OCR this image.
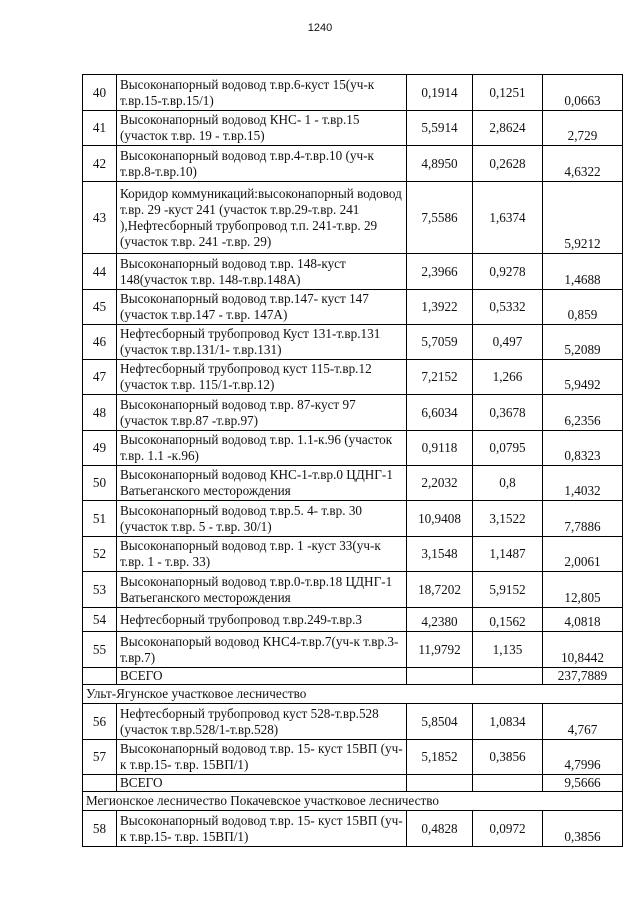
1240
40	Высоконапорный водовод т.вр.6-куст 15(уч-к т.вр.15-т.вр.15/1)	0,1914	0,1251	0,0663
41	Высоконапорный водовод КНС- 1 - т.вр.15 (участок т.вр. 19 - т.вр.15)	5,5914	2,8624	2,729
42	Высоконапорный водовод т.вр.4-т.вр.10 (уч-к т.вр.8-т.вр.10)	4,8950	0,2628	4,6322
43	Коридор коммуникаций:высоконапорный водовод т.вр. 29 -куст 241 (участок т.вр.29-т.вр. 241 ),Нефтесборный трубопровод т.п. 241-т.вр. 29 (участок т.вр. 241 -т.вр. 29)	7,5586	1,6374	5,9212
44	Высоконапорный водовод т.вр. 148-куст 148(участок т.вр. 148-т.вр.148А)	2,3966	0,9278	1,4688
45	Высоконапорный водовод т.вр.147- куст 147 (участок т.вр.147 - т.вр. 147А)	1,3922	0,5332	0,859
46	Нефтесборный трубопровод Куст 131-т.вр.131 (участок т.вр.131/1- т.вр.131)	5,7059	0,497	5,2089
47	Нефтесборный трубопровод куст 115-т.вр.12 (участок т.вр. 115/1-т.вр.12)	7,2152	1,266	5,9492
48	Высоконапорный водовод т.вр. 87-куст 97 (участок т.вр.87 -т.вр.97)	6,6034	0,3678	6,2356
49	Высоконапорный водовод т.вр. 1.1-к.96 (участок т.вр. 1.1 -к.96)	0,9118	0,0795	0,8323
50	Высоконапорный водовод КНС-1-т.вр.0 ЦДНГ-1 Ватьеганского месторождения	2,2032	0,8	1,4032
51	Высоконапорный водовод т.вр.5. 4- т.вр. 30 (участок т.вр. 5 - т.вр. 30/1)	10,9408	3,1522	7,7886
52	Высоконапорный водовод т.вр. 1 -куст 33(уч-к т.вр. 1 - т.вр. 33)	3,1548	1,1487	2,0061
53	Высоконапорный водовод т.вр.0-т.вр.18 ЦДНГ-1 Ватьеганского месторождения	18,7202	5,9152	12,805
54	Нефтесборный трубопровод т.вр.249-т.вр.3	4,2380	0,1562	4,0818
55	Высоконапорый водовод КНС4-т.вр.7(уч-к т.вр.3-т.вр.7)	11,9792	1,135	10,8442
	ВСЕГО			237,7889
Ульт-Ягунское участковое лесничество				
56	Нефтесборный трубопровод куст 528-т.вр.528 (участок т.вр.528/1-т.вр.528)	5,8504	1,0834	4,767
57	Высоконапорный водовод т.вр. 15- куст 15ВП (уч-к т.вр.15- т.вр. 15ВП/1)	5,1852	0,3856	4,7996
	ВСЕГО			9,5666
Мегионское лесничество Покачевское участковое лесничество				
58	Высоконапорный водовод т.вр. 15- куст 15ВП (уч-к т.вр.15- т.вр. 15ВП/1)	0,4828	0,0972	0,3856
